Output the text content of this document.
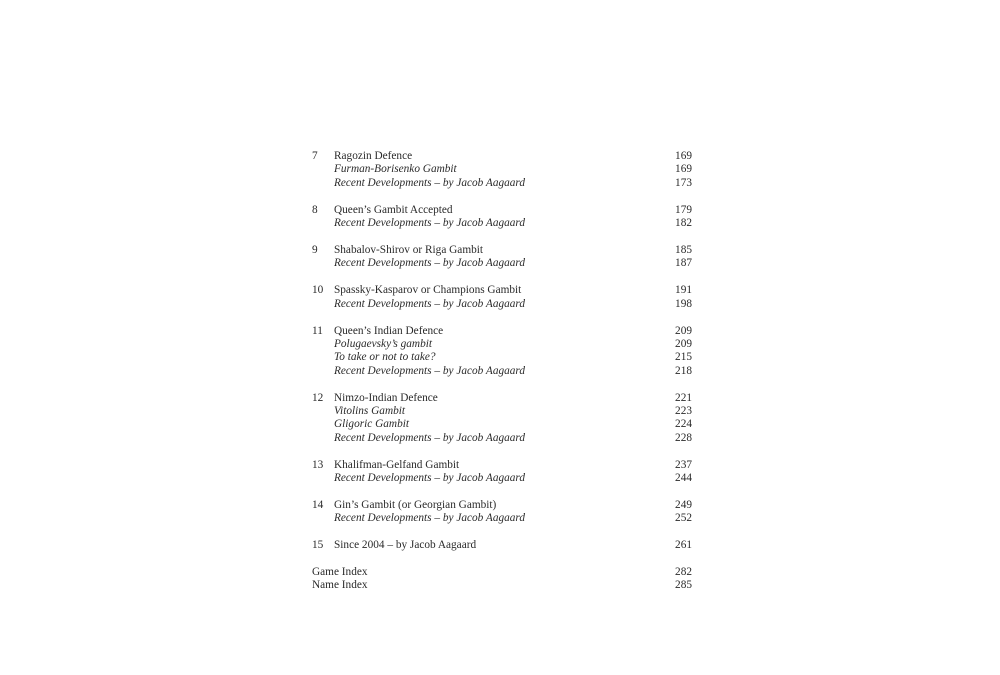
7	Ragozin Defence	169
Furman-Borisenko Gambit	169
Recent Developments – by Jacob Aagaard	173
8	Queen’s Gambit Accepted	179
Recent Developments – by Jacob Aagaard	182
9	Shabalov-Shirov or Riga Gambit	185
Recent Developments – by Jacob Aagaard	187
10 Spassky-Kasparov or Champions Gambit	191
Recent Developments – by Jacob Aagaard	198
11 Queen’s Indian Defence	209
Polugaevsky’s gambit	209
To take or not to take?	215
Recent Developments – by Jacob Aagaard	218
12 Nimzo-Indian Defence	221
Vitolins Gambit	223
Gligoric Gambit	224
Recent Developments – by Jacob Aagaard	228
13 Khalifman-Gelfand Gambit	237
Recent Developments – by Jacob Aagaard	244
14 Gin’s Gambit (or Georgian Gambit)	249
Recent Developments – by Jacob Aagaard	252
15 Since 2004 – by Jacob Aagaard	261
Game Index	282
Name Index	285
